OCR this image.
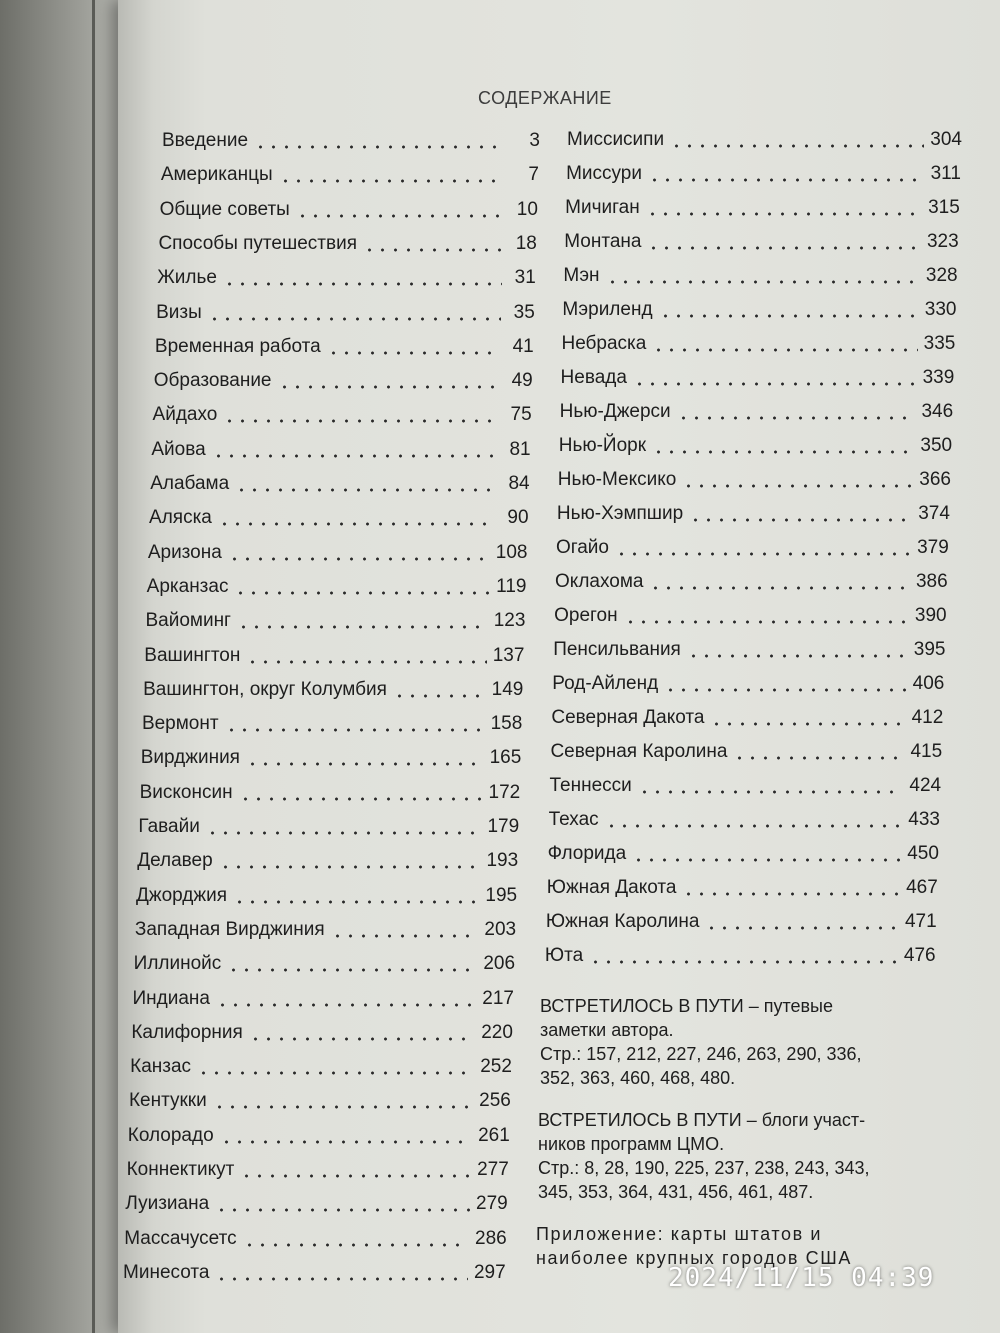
СОДЕРЖАНИЕ
Введение	3
Американцы	7
Общие советы	10
Способы путешествия	18
Жилье	31
Визы	35
Временная работа	41
Образование	49
Айдахо	75
Айова	81
Алабама	84
Аляска	90
Аризона	108
Арканзас	119
Вайоминг	123
Вашингтон	137
Вашингтон, округ Колумбия	149
Вермонт	158
Вирджиния	165
Висконсин	172
Гавайи	179
Делавер	193
Джорджия	195
Западная Вирджиния	203
Иллинойс	206
Индиана	217
Калифорния	220
Канзас	252
Кентукки	256
Колорадо	261
Коннектикут	277
Луизиана	279
Массачусетс	286
Минесота	297
Миссисипи	304
Миссури	311
Мичиган	315
Монтана	323
Мэн	328
Мэриленд	330
Небраска	335
Невада	339
Нью-Джерси	346
Нью-Йорк	350
Нью-Мексико	366
Нью-Хэмпшир	374
Огайо	379
Оклахома	386
Орегон	390
Пенсильвания	395
Род-Айленд	406
Северная Дакота	412
Северная Каролина	415
Теннесси	424
Техас	433
Флорида	450
Южная Дакота	467
Южная Каролина	471
Юта	476

ВСТРЕТИЛОСЬ В ПУТИ – путевые

заметки автора.

Стр.: 157, 212, 227, 246, 263, 290, 336,

352, 363, 460, 468, 480.

ВСТРЕТИЛОСЬ В ПУТИ – блоги участ-

ников программ ЦМО.

Стр.: 8, 28, 190, 225, 237, 238, 243, 343,

345, 353, 364, 431, 456, 461, 487.

Приложение: карты штатов и

наиболее крупных городов США

2024/11/15 04:39
